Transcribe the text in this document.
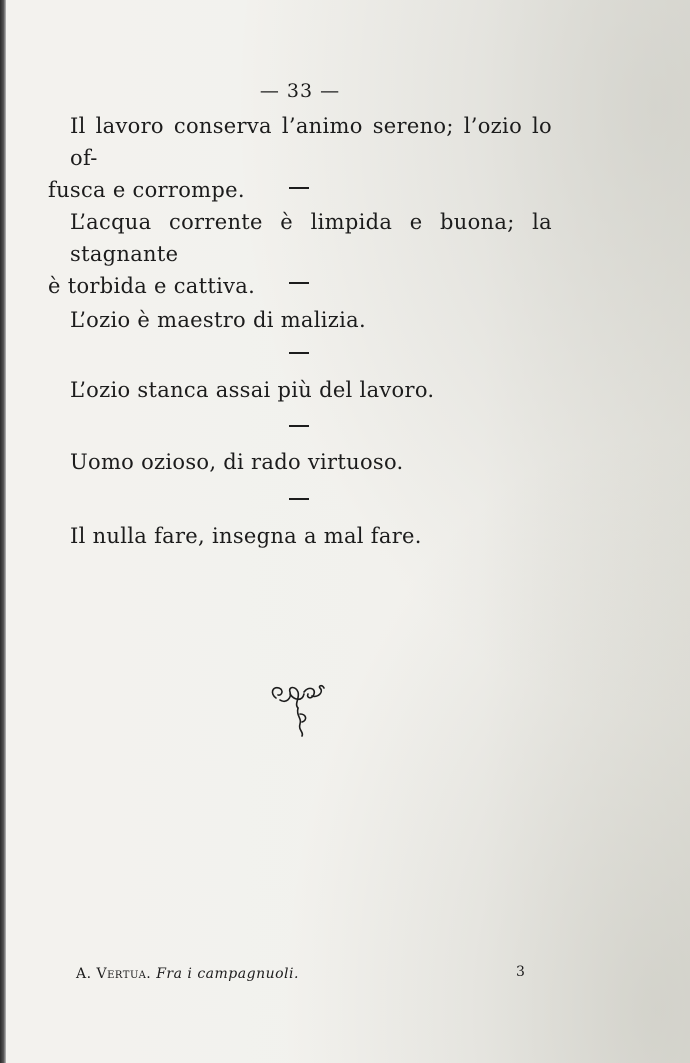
— 33 —
Il lavoro conserva l’animo sereno; l’ozio lo of-
fusca e corrompe.
L’acqua corrente è limpida e buona; la stagnante
è torbida e cattiva.
L’ozio è maestro di malizia.
L’ozio stanca assai più del lavoro.
Uomo ozioso, di rado virtuoso.
Il nulla fare, insegna a mal fare.
A. Vertua. Fra i campagnuoli.	3
